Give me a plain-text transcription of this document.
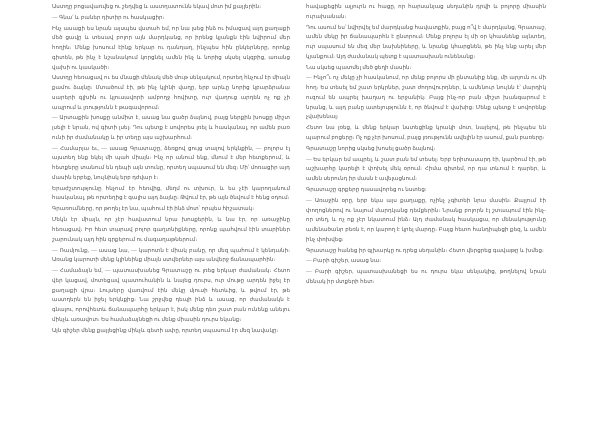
Աստղը բոցավառվեց ու շեղվեց և աստղատունն եկավ մոտ իմ քայլերին։

— Գնա՛ և բաներ դիտիր ու հասկացիր։

Ինչ ասացի ես նրան այսպես վստահ եմ, որ նա լսեց ինձ ու իմացավ այդ քաղաքի մեծ ցավը և տեսավ բոլոր այն մարդկանց, որ իրենց կյանքն էին նվիրում մեր հողին։ Մենք խոսում էինք երկար ու դանդաղ, ինչպես հին ընկերները, որոնք գիտեն, թե ինչ է նշանակում կորցնել ամեն ինչ և նորից սկսել սկզբից, առանց վախի ու կասկածի։

Աստղը հեռացավ ու ես մնացի մենակ մեծ մութ սենյակում, որտեղ հնչում էր միայն քամու ձայնը։ Մտածում էի, թե ինչ կլինի վաղը, երբ արևը նորից կբարձրանա սարերի գլխին ու կլուսավորի ամբողջ հովիտը, ուր վաղուց արդեն ոչ ոք չի ապրում և լռությունն է թագավորում։

— Արտաքին խոսքը անմիտ է, ասաց նա ցածր ձայնով, բայց ներքին խոսքը միշտ լսելի է նրան, ով գիտի լսել։ Դու պետք է սովորես լռել և հասկանալ, որ ամեն բառ ունի իր ժամանակը և իր տեղը այս աշխարհում։

— Համարյա եւ, — ասաց Գրատաշը, ձեռքով ցույց տալով երկնքին, — բոլորս էլ այստեղ ենք եկել մի պահ միայն։ Ինչ որ անում ենք, մնում է մեր հետքերում, և հետքերը տանում են դեպի այն տունը, որտեղ սպասում են մեզ։ Մի՛ մոռացիր այդ մասին երբեք, նույնիսկ երբ դժվար է։

Երաժշտությունը հնչում էր հեռվից, մեղմ ու տխուր, և ես չէի կարողանում հասկանալ, թե որտեղից է գալիս այդ ձայնը։ Թվում էր, թե այն ծնվում է հենց օդում։

Գրառումները, որ թողել էր նա, պահում էի ինձ մոտ՝ որպես հիշատակ։

Մեկն էր միայն, որ չէր հավատում նրա խոսքերին, և նա էր, որ առաջինը հեռացավ։ Իր հետ տարավ բոլոր գաղտնիքները, որոնք պահվում էին տարիներ շարունակ այդ հին գրքերում ու մագաղաթներում։

— Ռամյունք, — ասաց նա, — կարոտն է միակ բանը, որ մեզ պահում է կենդանի։ Առանց կարոտի մենք կլինեինք միայն ստվերներ այս անվերջ ճանապարհին։

— Համաձայն եմ, — պատասխանեց Գրատաշը ու լռեց երկար ժամանակ։ Հետո վեր կացավ, մոտեցավ պատուհանին և նայեց դուրս, ուր մութը արդեն իջել էր քաղաքի վրա։ Լույսերը վառվում էին մեկը մյուսի հետևից, և թվում էր, թե աստղերն են իջել երկնքից։ Նա շրջվեց դեպի ինձ և ասաց, որ ժամանակն է գնալու, որովհետև ճանապարհը երկար է, իսկ մենք դեռ շատ բան ունենք անելու մինչև առավոտ։ Ես համաձայնեցի ու մենք միասին դուրս եկանք։

Այն գիշեր մենք քայլեցինք մինչև գետի ափը, որտեղ սպասում էր մեզ նավակը։

հավաքեցին ալյուրն ու հացը, որ հարսանյաց սեղանին դրվի և բոլորը միասին ուրախանան։

Դու ասում ես՝ նվիրվել եմ մարդկանց հավատքին, բայց ո՞վ է մարդկանց, Գրատաշ, ամեն մեկը իր ճանապարհն է ընտրում։ Մենք բոլորս էլ մի օր կհասնենք այնտեղ, ուր սպասում են մեզ մեր նախնիները, և նրանք կհարցնեն, թե ինչ ենք արել մեր կյանքում։ Այդ ժամանակ պետք է պատասխան ունենանք։

Նա սկսեց պատմել մեծ ցեղի մասին։

— Ինչո՞ւ ոչ մեկը չի հասկանում, որ մենք բոլորս մի ընտանիք ենք, մի արյուն ու մի հող։ Ես տեսել եմ շատ երկրներ, շատ ժողովուրդներ, և ամենուր նույնն է՝ մարդիկ ուզում են ապրել խաղաղ ու երջանիկ։ Բայց ինչ-որ բան միշտ խանգարում է նրանց, և այդ բանը ատելությունն է, որ ծնվում է վախից։ Մենք պետք է սովորենք չվախենալ։

Հետո նա լռեց, և մենք երկար նստեցինք կրակի մոտ, նայելով, թե ինչպես են պարում բոցերը։ Ոչ ոք չէր խոսում, բայց լռությունն ավելին էր ասում, քան բառերը։

Գրատաշը նորից սկսեց խոսել ցածր ձայնով։

— Ես երկար եմ ապրել, և շատ բան եմ տեսել։ Երբ երիտասարդ էի, կարծում էի, թե աշխարհը կարելի է փոխել մեկ օրում։ Հիմա գիտեմ, որ դա տևում է դարեր, և ամեն սերունդ իր մասն է ավելացնում։

Գրատաշը գրքերը դասավորեց ու նստեց։

— Առաջին օրը, երբ եկա այս քաղաքը, ոչինչ չգիտեի նրա մասին։ Քայլում էի փողոցներով ու նայում մարդկանց դեմքերին։ Նրանք բոլորն էլ շտապում էին ինչ-որ տեղ, և ոչ ոք չէր նկատում ինձ։ Այդ ժամանակ հասկացա, որ մենակությունը ամենածանր բեռն է, որ կարող է կրել մարդը։ Բայց հետո հանդիպեցի քեզ, և ամեն ինչ փոխվեց։

Գրատաշը հանեց իր գլխարկը ու դրեց սեղանին։ Հետո վերցրեց գավաթը և խմեց։

— Բարի գիշեր, ասաց նա։

— Բարի գիշեր, պատասխանեցի ես ու դուրս եկա սենյակից, թողնելով նրան մենակ իր մտքերի հետ։
